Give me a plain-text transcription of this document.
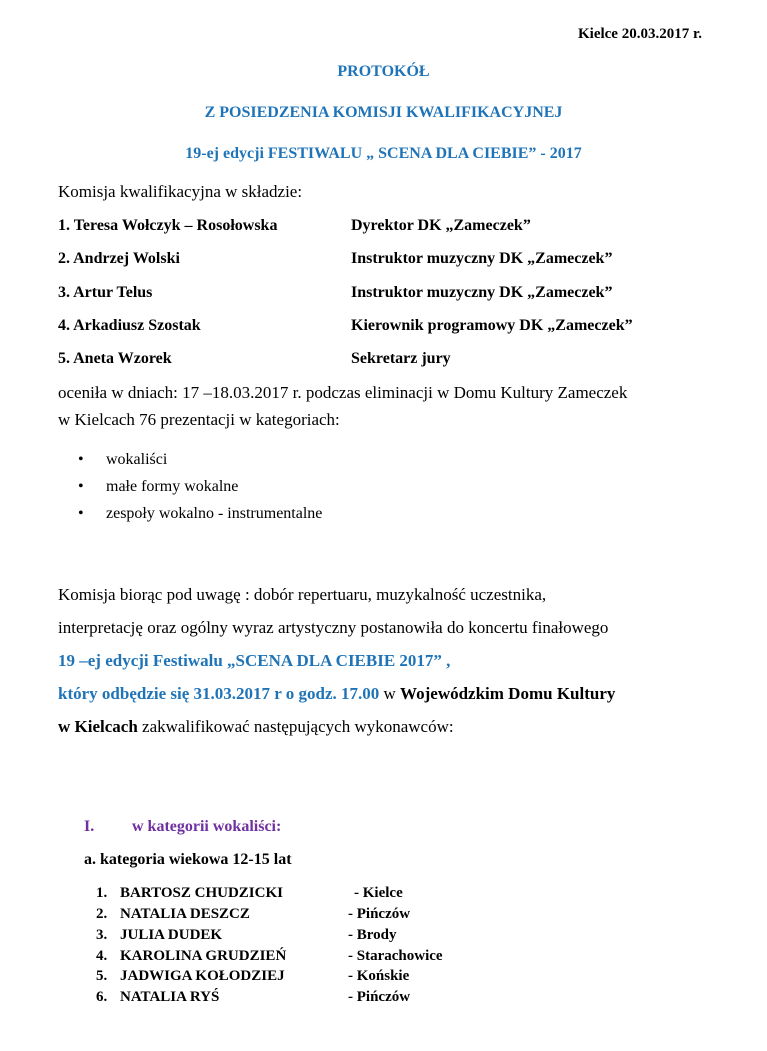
Kielce 20.03.2017 r.
PROTOKÓŁ
Z POSIEDZENIA KOMISJI KWALIFIKACYJNEJ
19-ej edycji FESTIWALU „ SCENA DLA CIEBIE” - 2017
Komisja kwalifikacyjna w składzie:
1. Teresa Wołczyk – Rosołowska	Dyrektor DK „Zameczek”
2. Andrzej Wolski	Instruktor muzyczny DK „Zameczek”
3. Artur Telus	Instruktor muzyczny DK „Zameczek”
4. Arkadiusz Szostak	Kierownik programowy DK „Zameczek”
5. Aneta Wzorek	Sekretarz jury
oceniła w dniach: 17 –18.03.2017 r. podczas eliminacji w Domu Kultury Zameczek
w Kielcach 76 prezentacji w kategoriach:
• wokaliści
• małe formy wokalne
• zespoły wokalno - instrumentalne
Komisja biorąc pod uwagę : dobór repertuaru, muzykalność uczestnika,
interpretację oraz ogólny wyraz artystyczny postanowiła do koncertu finałowego
19 –ej edycji Festiwalu „SCENA DLA CIEBIE 2017” ,
który odbędzie się 31.03.2017 r o godz. 17.00 w Wojewódzkim Domu Kultury
w Kielcach zakwalifikować następujących wykonawców:
I. w kategorii wokaliści:
a. kategoria wiekowa 12-15 lat
1. BARTOSZ CHUDZICKI	- Kielce
2. NATALIA DESZCZ	- Pińczów
3. JULIA DUDEK	- Brody
4. KAROLINA GRUDZIEŃ	- Starachowice
5. JADWIGA KOŁODZIEJ	- Końskie
6. NATALIA RYŚ	- Pińczów
